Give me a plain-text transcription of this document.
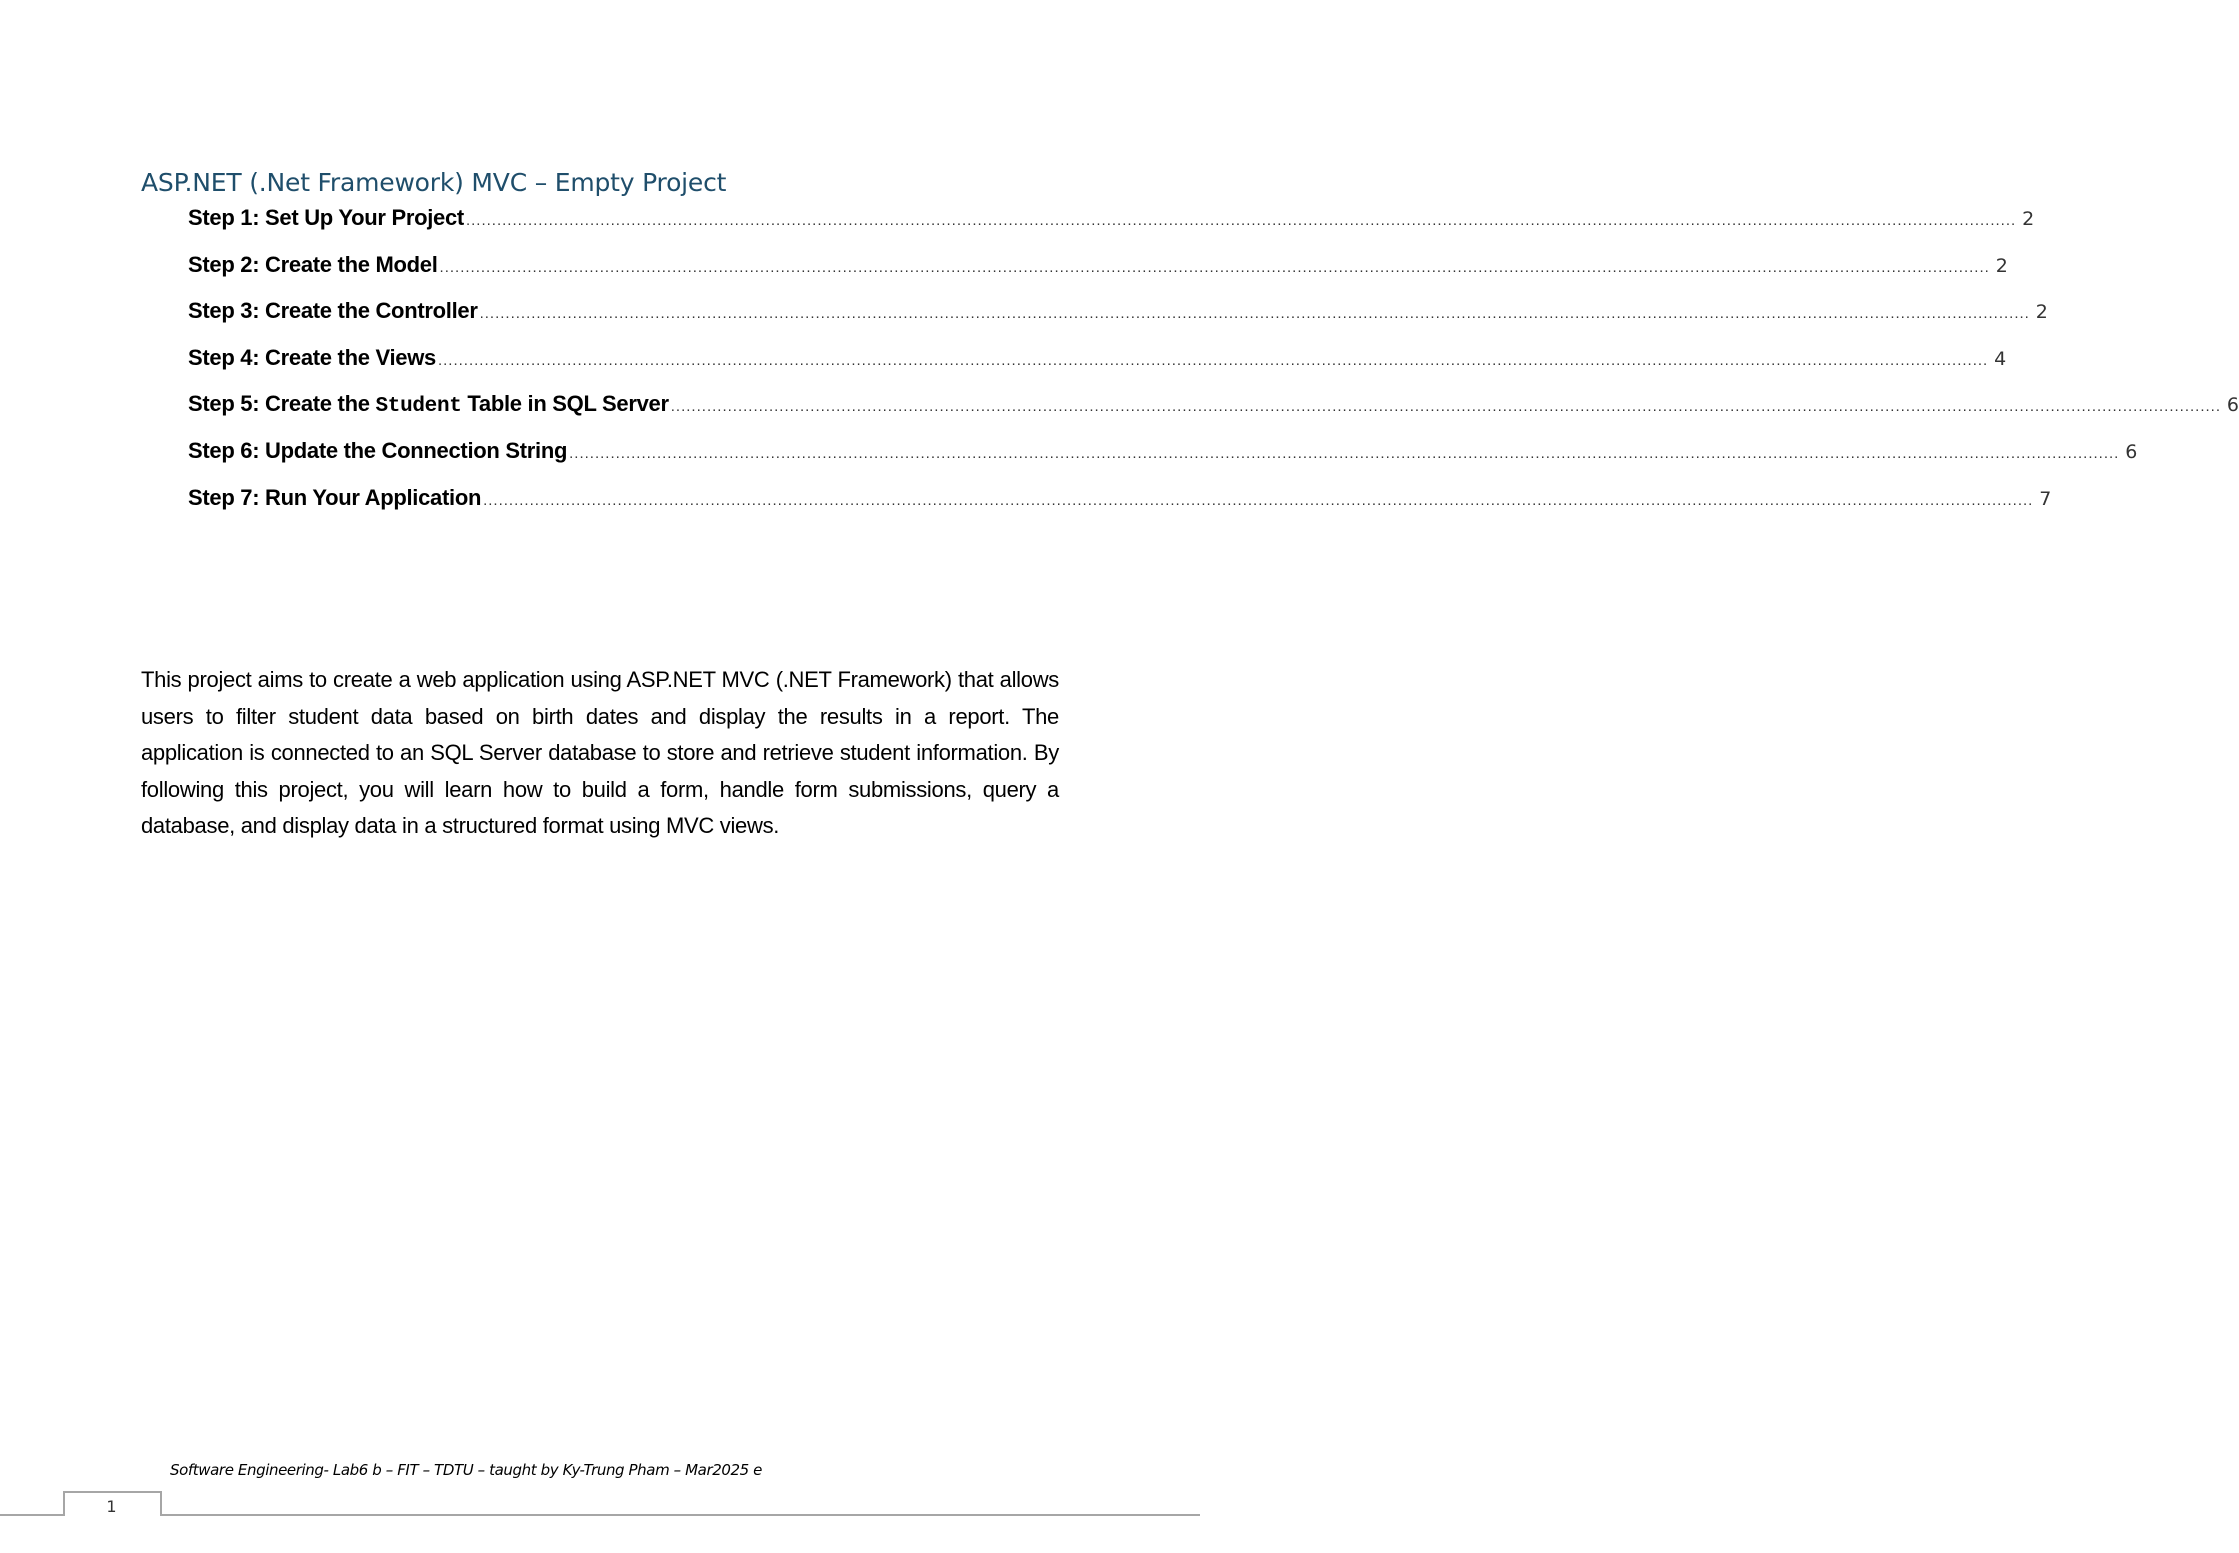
ASP.NET (.Net Framework) MVC – Empty Project
Step 1: Set Up Your Project ............................................................................................................................................................................................................................................................................................................ 2
Step 2: Create the Model ............................................................................................................................................................................................................................................................................................................ 2
Step 3: Create the Controller ............................................................................................................................................................................................................................................................................................................ 2
Step 4: Create the Views ............................................................................................................................................................................................................................................................................................................ 4
Step 5: Create the Student Table in SQL Server ............................................................................................................................................................................................................................................................................................................ 6
Step 6: Update the Connection String ............................................................................................................................................................................................................................................................................................................ 6
Step 7: Run Your Application ............................................................................................................................................................................................................................................................................................................ 7

This project aims to create a web application using ASP.NET MVC (.NET Framework) that allows users to filter student data based on birth dates and display the results in a report. The application is connected to an SQL Server database to store and retrieve student information. By following this project, you will learn how to build a form, handle form submissions, query a database, and display data in a structured format using MVC views.

Software Engineering- Lab6 b – FIT – TDTU – taught by Ky-Trung Pham – Mar2025 e
1
